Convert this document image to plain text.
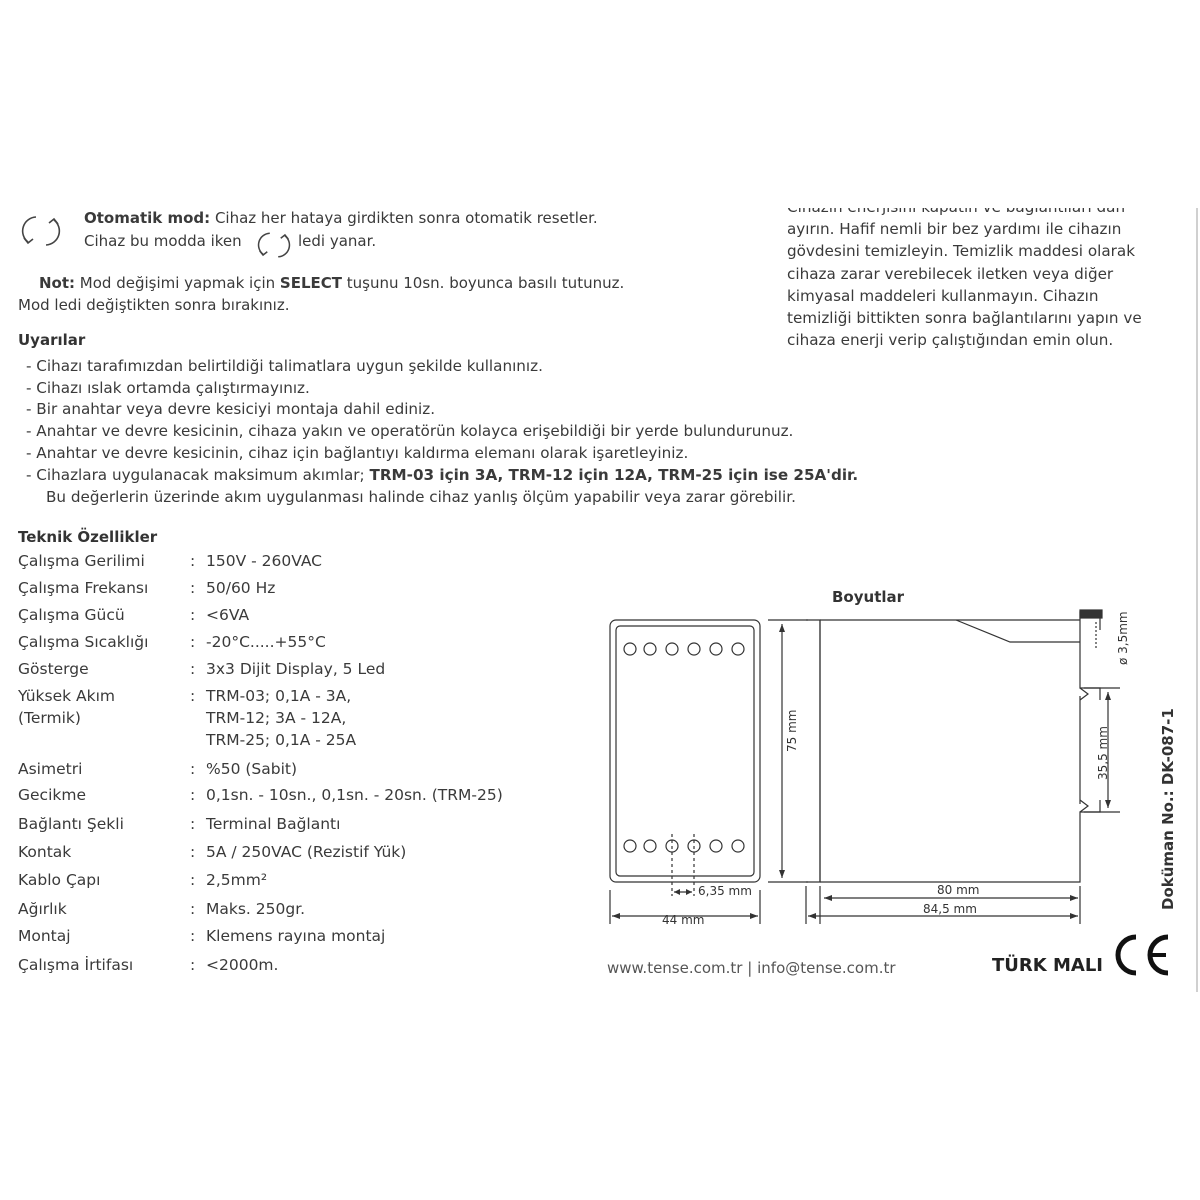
Otomatik mod: Cihaz her hataya girdikten sonra otomatik resetler.
Cihaz bu modda iken	ledi yanar.
Not: Mod değişimi yapmak için SELECT tuşunu 10sn. boyunca basılı tutunuz.
Mod ledi değiştikten sonra bırakınız.
ayırın. Hafif nemli bir bez yardımı ile cihazın
gövdesini temizleyin. Temizlik maddesi olarak
cihaza zarar verebilecek iletken veya diğer
kimyasal maddeleri kullanmayın. Cihazın
temizliği bittikten sonra bağlantılarını yapın ve
cihaza enerji verip çalıştığından emin olun.
Uyarılar
- Cihazı tarafımızdan belirtildiği talimatlara uygun şekilde kullanınız.
- Cihazı ıslak ortamda çalıştırmayınız.
- Bir anahtar veya devre kesiciyi montaja dahil ediniz.
- Anahtar ve devre kesicinin, cihaza yakın ve operatörün kolayca erişebildiği bir yerde bulundurunuz.
- Anahtar ve devre kesicinin, cihaz için bağlantıyı kaldırma elemanı olarak işaretleyiniz.
- Cihazlara uygulanacak maksimum akımlar; TRM-03 için 3A, TRM-12 için 12A, TRM-25 için ise 25A'dir.
Bu değerlerin üzerinde akım uygulanması halinde cihaz yanlış ölçüm yapabilir veya zarar görebilir.
Teknik Özellikler
Çalışma Gerilimi	: 150V - 260VAC
Çalışma Frekansı	: 50/60 Hz
Çalışma Gücü	: <6VA
Çalışma Sıcaklığı	: -20°C.....+55°C
Gösterge	: 3x3 Dijit Display, 5 Led
Yüksek Akım	: TRM-03; 0,1A - 3A,
(Termik)	TRM-12; 3A - 12A,
TRM-25; 0,1A - 25A
Asimetri	: %50 (Sabit)
Gecikme	: 0,1sn. - 10sn., 0,1sn. - 20sn. (TRM-25)
Bağlantı Şekli	: Terminal Bağlantı
Kontak	: 5A / 250VAC (Rezistif Yük)
Kablo Çapı	: 2,5mm²
Ağırlık	: Maks. 250gr.
Montaj	: Klemens rayına montaj
Çalışma İrtifası	: <2000m.
Boyutlar
75 mm
6,35 mm
44 mm
80 mm
84,5 mm
35,5 mm
ø 3,5mm
Doküman No.: DK-087-1
www.tense.com.tr | info@tense.com.tr	TÜRK MALI
